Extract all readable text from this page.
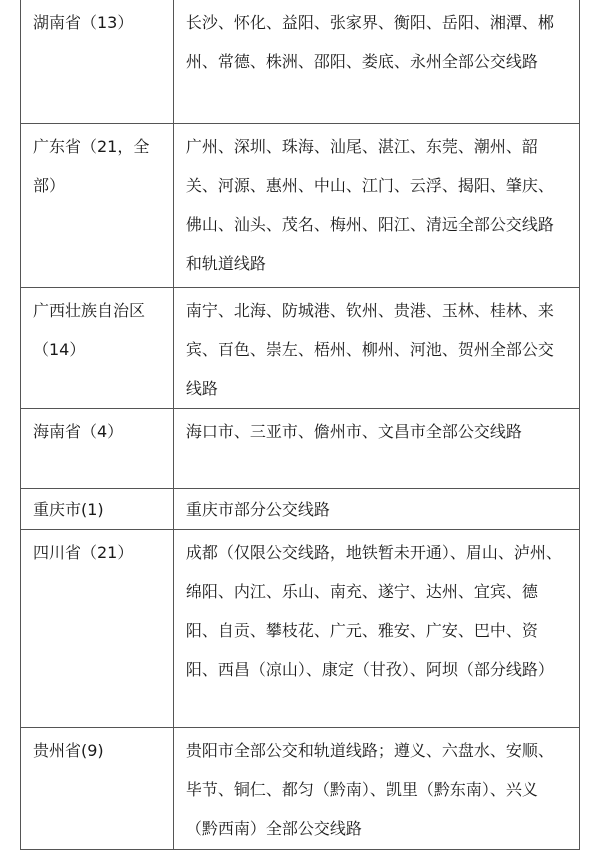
湖南省（13）	长沙、怀化、益阳、张家界、衡阳、岳阳、湘潭、郴州、常德、株洲、邵阳、娄底、永州全部公交线路
广东省（21，全部）	广州、深圳、珠海、汕尾、湛江、东莞、潮州、韶关、河源、惠州、中山、江门、云浮、揭阳、肇庆、佛山、汕头、茂名、梅州、阳江、清远全部公交线路和轨道线路
广西壮族自治区（14）	南宁、北海、防城港、钦州、贵港、玉林、桂林、来宾、百色、崇左、梧州、柳州、河池、贺州全部公交线路
海南省（4）	海口市、三亚市、儋州市、文昌市全部公交线路
重庆市(1)	重庆市部分公交线路
四川省（21）	成都（仅限公交线路，地铁暂未开通）、眉山、泸州、绵阳、内江、乐山、南充、遂宁、达州、宜宾、德阳、自贡、攀枝花、广元、雅安、广安、巴中、资阳、西昌（凉山）、康定（甘孜）、阿坝（部分线路）
贵州省(9)	贵阳市全部公交和轨道线路；遵义、六盘水、安顺、毕节、铜仁、都匀（黔南）、凯里（黔东南）、兴义（黔西南）全部公交线路
